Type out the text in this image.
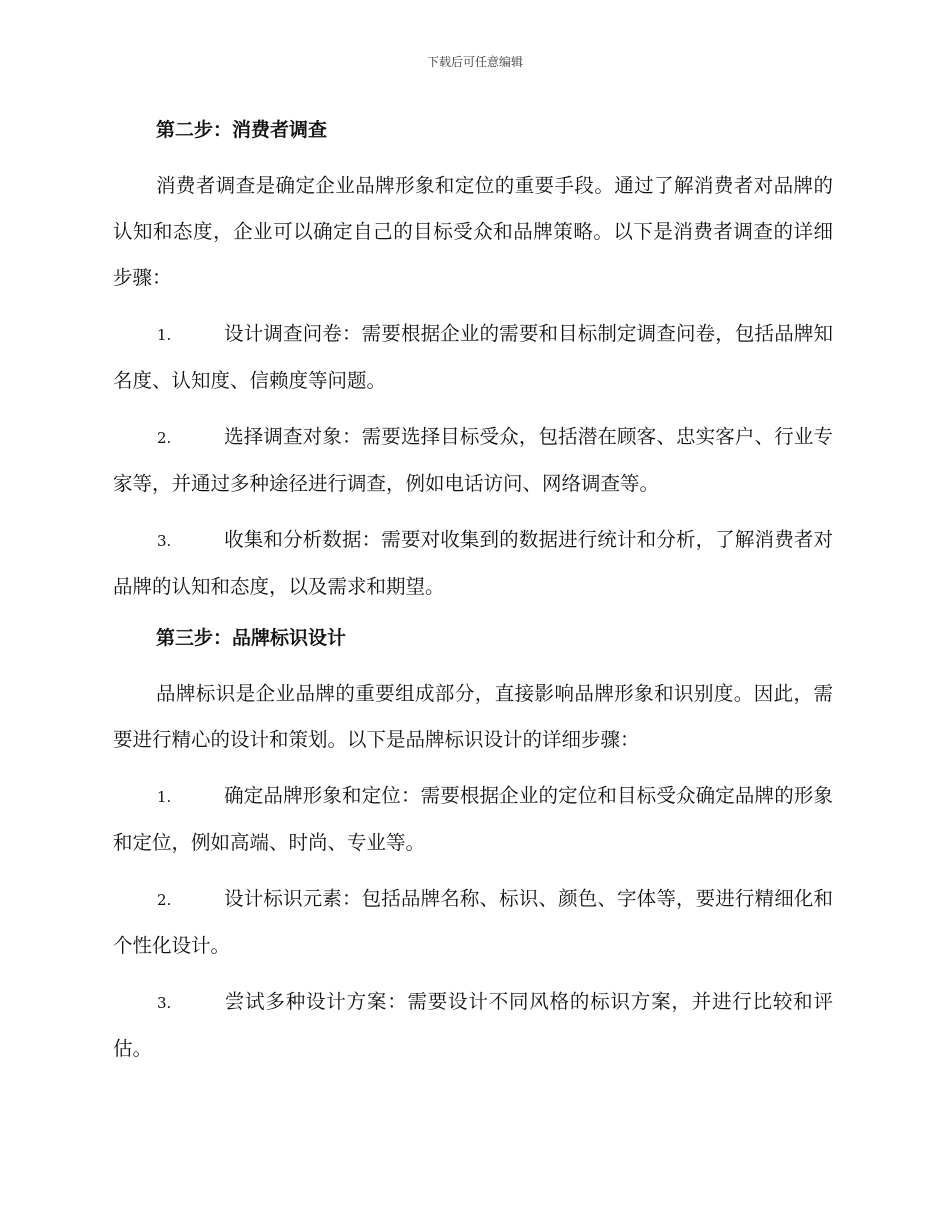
下载后可任意编辑
第二步：消费者调查

消费者调查是确定企业品牌形象和定位的重要手段。通过了解消费者对品牌的认知和态度，企业可以确定自己的目标受众和品牌策略。以下是消费者调查的详细步骤：

1.	设计调查问卷：需要根据企业的需要和目标制定调查问卷，包括品牌知名度、认知度、信赖度等问题。

2.	选择调查对象：需要选择目标受众，包括潜在顾客、忠实客户、行业专家等，并通过多种途径进行调查，例如电话访问、网络调查等。

3.	收集和分析数据：需要对收集到的数据进行统计和分析，了解消费者对品牌的认知和态度，以及需求和期望。

第三步：品牌标识设计

品牌标识是企业品牌的重要组成部分，直接影响品牌形象和识别度。因此，需要进行精心的设计和策划。以下是品牌标识设计的详细步骤：

1.	确定品牌形象和定位：需要根据企业的定位和目标受众确定品牌的形象和定位，例如高端、时尚、专业等。

2.	设计标识元素：包括品牌名称、标识、颜色、字体等，要进行精细化和个性化设计。

3.	尝试多种设计方案：需要设计不同风格的标识方案，并进行比较和评估。
